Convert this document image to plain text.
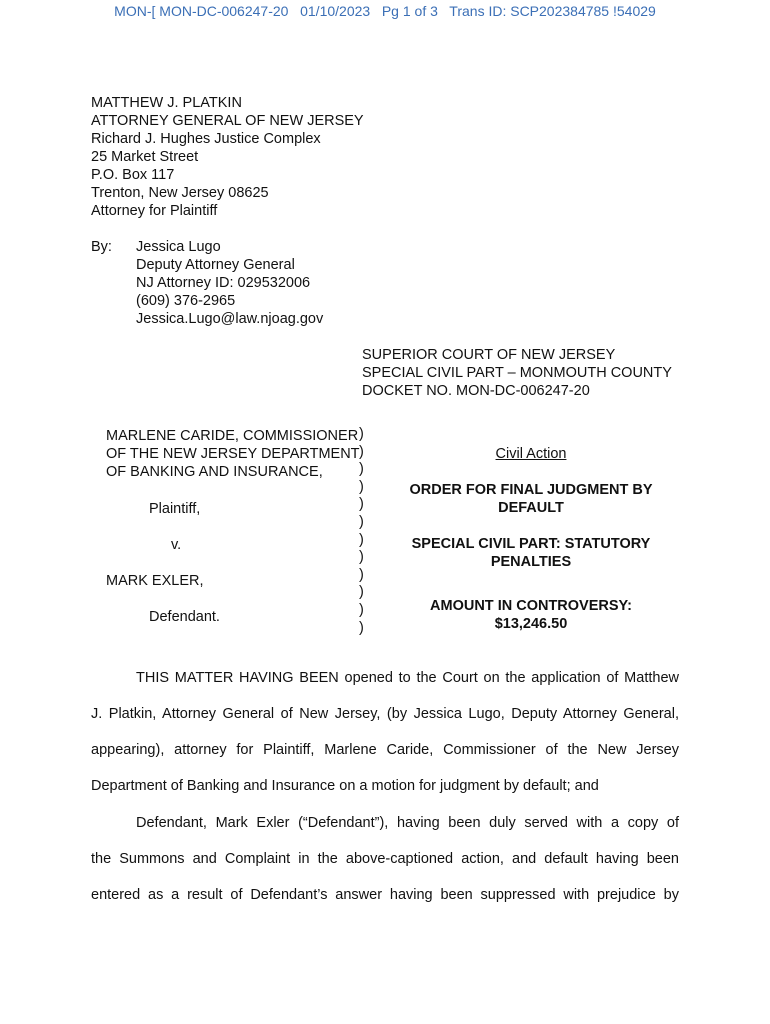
MON-[ MON-DC-006247-20   01/10/2023   Pg 1 of 3   Trans ID: SCP202384785 !54029
MATTHEW J. PLATKIN
ATTORNEY GENERAL OF NEW JERSEY
Richard J. Hughes Justice Complex
25 Market Street
P.O. Box 117
Trenton, New Jersey 08625
Attorney for Plaintiff
By: Jessica Lugo
Deputy Attorney General
NJ Attorney ID: 029532006
(609) 376-2965
Jessica.Lugo@law.njoag.gov
SUPERIOR COURT OF NEW JERSEY
SPECIAL CIVIL PART – MONMOUTH COUNTY
DOCKET NO. MON-DC-006247-20
MARLENE CARIDE, COMMISSIONER
OF THE NEW JERSEY DEPARTMENT
OF BANKING AND INSURANCE,
Plaintiff,
v.
MARK EXLER,
Defendant.
)
)
)
)
)
)
)
)
)
)
)
)
Civil Action
ORDER FOR FINAL JUDGMENT BY
DEFAULT
SPECIAL CIVIL PART: STATUTORY
PENALTIES
AMOUNT IN CONTROVERSY:
$13,246.50
THIS MATTER HAVING BEEN opened to the Court on the application of Matthew
J. Platkin, Attorney General of New Jersey, (by Jessica Lugo, Deputy Attorney General,
appearing), attorney for Plaintiff, Marlene Caride, Commissioner of the New Jersey
Department of Banking and Insurance on a motion for judgment by default; and
Defendant, Mark Exler (“Defendant”), having been duly served with a copy of
the Summons and Complaint in the above-captioned action, and default having been
entered as a result of Defendant’s answer having been suppressed with prejudice by
